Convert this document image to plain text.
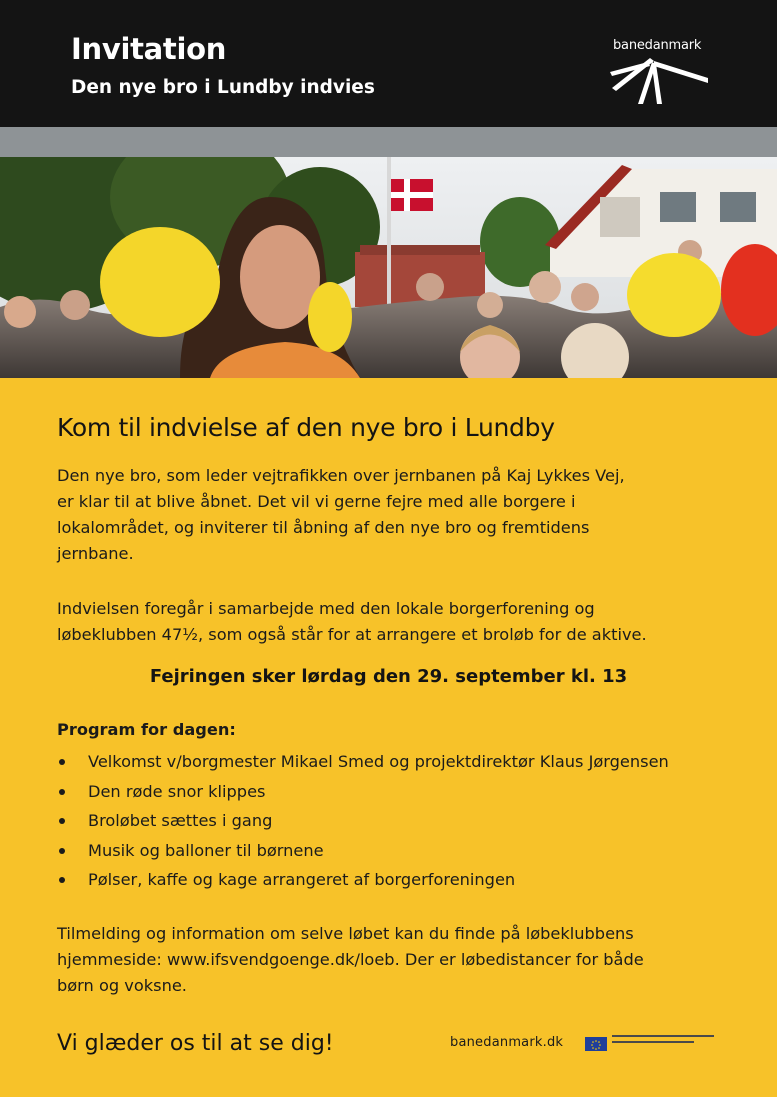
Invitation
Den nye bro i Lundby indvies
banedanmark
Kom til indvielse af den nye bro i Lundby
Den nye bro, som leder vejtrafikken over jernbanen på Kaj Lykkes Vej,
er klar til at blive åbnet. Det vil vi gerne fejre med alle borgere i
lokalområdet, og inviterer til åbning af den nye bro og fremtidens
jernbane.
Indvielsen foregår i samarbejde med den lokale borgerforening og
løbeklubben 47½, som også står for at arrangere et broløb for de aktive.
Fejringen sker lørdag den 29. september kl. 13
Program for dagen:
Velkomst v/borgmester Mikael Smed og projektdirektør Klaus Jørgensen
Den røde snor klippes
Broløbet sættes i gang
Musik og balloner til børnene
Pølser, kaffe og kage arrangeret af borgerforeningen
Tilmelding og information om selve løbet kan du finde på løbeklubbens
hjemmeside: www.ifsvendgoenge.dk/loeb. Der er løbedistancer for både
børn og voksne.
Vi glæder os til at se dig!	banedanmark.dk
